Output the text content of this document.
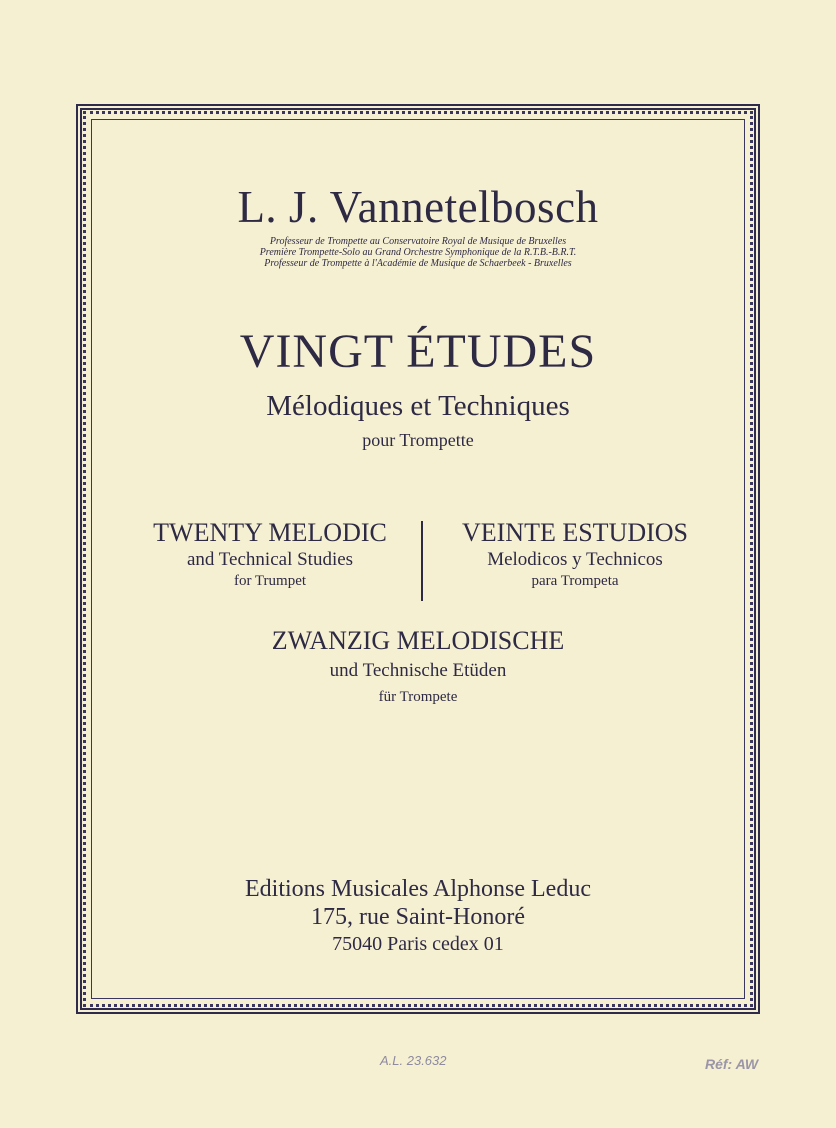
L. J. Vannetelbosch
Professeur de Trompette au Conservatoire Royal de Musique de Bruxelles
Première Trompette-Solo au Grand Orchestre Symphonique de la R.T.B.-B.R.T.
Professeur de Trompette à l'Académie de Musique de Schaerbeek - Bruxelles
VINGT ÉTUDES
Mélodiques et Techniques
pour Trompette
TWENTY MELODIC
and Technical Studies
for Trumpet
VEINTE ESTUDIOS
Melodicos y Technicos
para Trompeta
ZWANZIG MELODISCHE
und Technische Etüden
für Trompete
Editions Musicales Alphonse Leduc
175, rue Saint-Honoré
75040 Paris cedex 01
A.L. 23.632	Réf: AW
